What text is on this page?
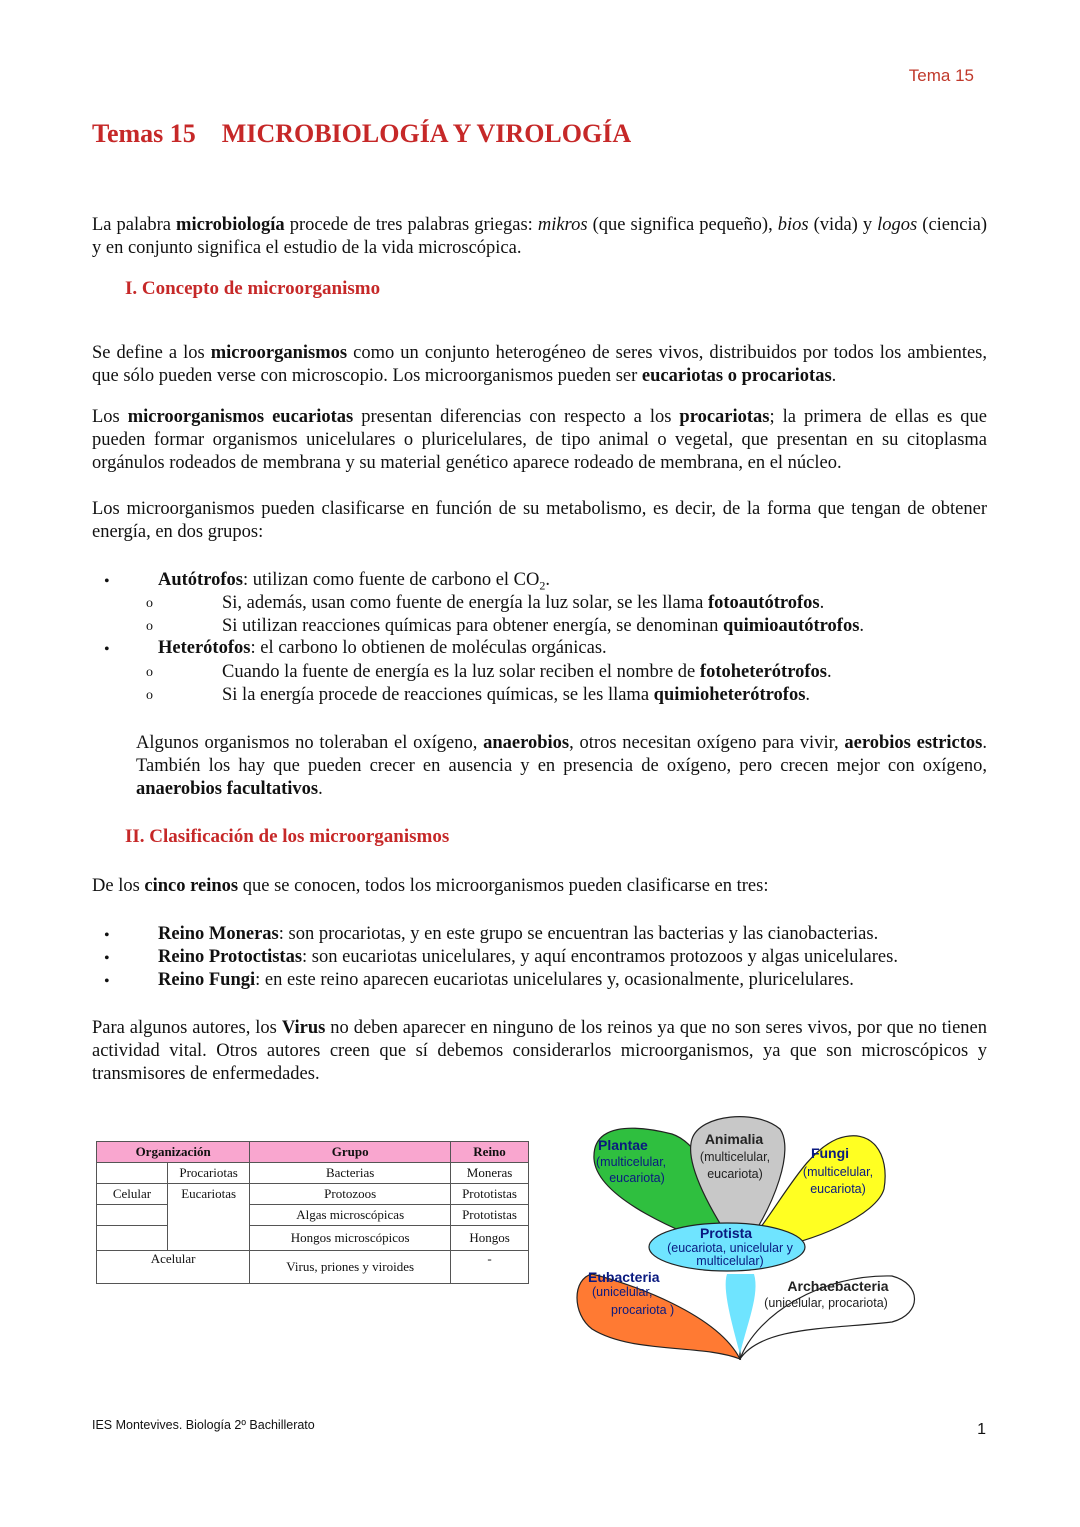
Tema 15
Temas 15 MICROBIOLOGÍA Y VIROLOGÍA
La palabra microbiología procede de tres palabras griegas: mikros (que significa pequeño), bios (vida) y logos (ciencia) y en conjunto significa el estudio de la vida microscópica.
I. Concepto de microorganismo
Se define a los microorganismos como un conjunto heterogéneo de seres vivos, distribuidos por todos los ambientes, que sólo pueden verse con microscopio. Los microorganismos pueden ser eucariotas o procariotas.
Los microorganismos eucariotas presentan diferencias con respecto a los procariotas; la primera de ellas es que pueden formar organismos unicelulares o pluricelulares, de tipo animal o vegetal, que presentan en su citoplasma orgánulos rodeados de membrana y su material genético aparece rodeado de membrana, en el núcleo.
Los microorganismos pueden clasificarse en función de su metabolismo, es decir, de la forma que tengan de obtener energía, en dos grupos:
•	Autótrofos: utilizan como fuente de carbono el $CO_2$.
o	Si, además, usan como fuente de energía la luz solar, se les llama fotoautótrofos.
o	Si utilizan reacciones químicas para obtener energía, se denominan quimioautótrofos.
•	Heterótofos: el carbono lo obtienen de moléculas orgánicas.
o	Cuando la fuente de energía es la luz solar reciben el nombre de fotoheterótrofos.
o	Si la energía procede de reacciones químicas, se les llama quimioheterótrofos.
Algunos organismos no toleraban el oxígeno, anaerobios, otros necesitan oxígeno para vivir, aerobios estrictos. También los hay que pueden crecer en ausencia y en presencia de oxígeno, pero crecen mejor con oxígeno, anaerobios facultativos.
II. Clasificación de los microorganismos
De los cinco reinos que se conocen, todos los microorganismos pueden clasificarse en tres:
•	Reino Moneras: son procariotas, y en este grupo se encuentran las bacterias y las cianobacterias.
•	Reino Protoctistas: son eucariotas unicelulares, y aquí encontramos protozoos y algas unicelulares.
•	Reino Fungi: en este reino aparecen eucariotas unicelulares y, ocasionalmente, pluricelulares.
Para algunos autores, los Virus no deben aparecer en ninguno de los reinos ya que no son seres vivos, por que no tienen actividad vital. Otros autores creen que sí debemos considerarlos microorganismos, ya que son microscópicos y transmisores de enfermedades.
Organización		Grupo	Reino
	Procariotas	Bacterias	Moneras
Celular	Eucariotas	Protozoos	Prototistas
		Algas microscópicas	Prototistas
		Hongos microscópicos	Hongos
Acelular		Virus, priones y viroides	-
Plantae	Animalia
Fungi
Protista
Eubacteria
Archaebacteria
(multicelular,
eucariota)
(multicelular,
eucariota)	(multicelular,
eucariota)
(eucariota, unicelular y
multicelular)
(unicelular,
procariota )	(unicelular, procariota)
IES Montevives. Biología 2º Bachillerato	1
